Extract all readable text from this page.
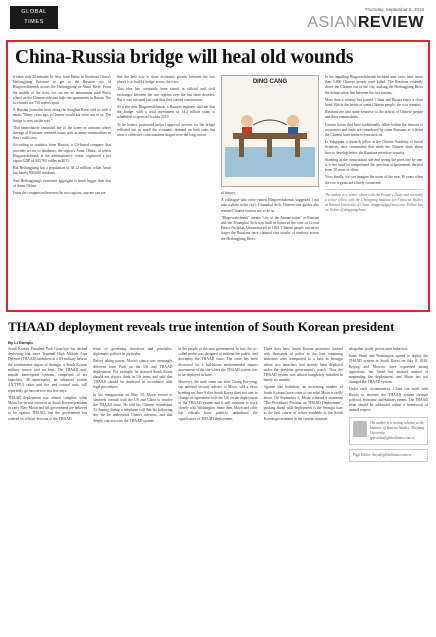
GLOBAL
TIMES
Thursday, September 8, 2016
ASIANREVIEW
China-Russia bridge will heal old wounds

It takes only 20 minutes by ferry from Heihe in Northeast China's Heilongjiang Province to get to the Russian city of Blagoveshchensk across the Heilongjiang or Amur River. From the middle of the river, we can see an amusement park Ferris wheel on the Chinese side and high-rise apartments in Russia. The two banks are 750 meters apart.

A Russian journalist born along the Songhua River told us with a smile, "Many years ago, a Chinese would ask what was in us. The bridge is now on the way."

That immediately reminded me of the scene in cartoons where throngs of Russians ventured home with as many commodities as they could carry.

According to statistics from Rosstat, a US-based company that provides access to databases, the region's Amur Oblast, of which Blagoveshchensk is the administrative center, registered a per capita GDP of 340,765 rubles in 2015.

But Heilongjiang has a population of 38.12 million, while Amur has barely 800,000 residents.

And Heilongjiang's economic aggregate is much bigger than that of Amur Oblast.

From the comparison between the two regions, anyone can see

that the best way to share economic growth between the two places is to build a bridge across the river.

This idea has constantly been raised in official and civil exchanges between the two regions over the last three decades. But it was not until last year that they started construction.

At a site near Blagoveshchensk, a Russian engineer told me that the bridge, with a total investment of 14.2 billion yuan, is scheduled to open in October 2019.

To be honest, protracted project approval process for the bridge reflected not so much the economic demand on both sides but more a collective consciousness shaped over the long course

DING CANG

of history.

A colleague who once visited Blagoveshchensk suggested I not take a photo at the city's Triumphal Arch. Chinese tour guides also remind Chinese tourists not to do so.

"Blagoveshchensk" means "city of the Annunciation" in Russian and the Triumphal Arch was built in honor of the visit of Crown Prince Nicholas Alexandrovich in 1891. Chinese people can never forget the Russians once claimed vast swaths of territory across the Heilongjiang River.

In the appalling Blagoveshchensk incident nine years later, more than 5,000 Chinese people were killed. The Russians violently drove the Chinese out of the city, making the Heilongjiang River the demarcation line between the two nations.

More than a century has passed. China and Russia enjoy a close bond. But in the hearts of some Chinese people, the scar remains.

Russians are also quite sensitive to the arrival of Chinese people and their commodities.

Certain issues that have traditionally fallen within the domain of economics and trade are considered by some Russians as a threat the Chinese have intent to encroach on.

Li Yongquan, a research fellow at the Chinese Academy of Social Sciences, once commented that while the Chinese think about how to develop better, the Russians prioritize security.

Standing at the construction site and seeing the piers one by one, it is not hard to comprehend the precious achievements derived from 30 years of effort.

Now, finally, we can imagine the noise of the next 30 years when the two regions are closely connected.

The author is a senior editor with the People's Daily and currently a senior fellow with the Chongyang Institute for Financial Studies at Renmin University of China. dingganglgt@sina.com. Follow him on Twitter @dinggangchina
THAAD deployment reveals true intention of South Korean president
By Li Dunqiu

South Korean President Park Geun-hye has dashed deploying four more Terminal High Altitude Area Defense (THAAD) launchers at a US military base in the southeastern region of Seongju, a South Korean military source said on Sept. The THAAD anti-missile interception systems, comprised of six launchers, 48 interceptors, an advanced mobile AN/TPY-2 radar and fire and control unit, will reportedly go into service in a few days.

THAAD deployment was almost complete when Moon Jae-in was sworn in as South Korean president in early May. Moon and his government are believed to be against THAAD, but the government has ordered its official decision of the THAAD.

tenor of governing directives and principles, diplomatic policies in particular.

Before taking power, Moon's stance was seemingly different from Park on the US and THAAD deployment. For example, he stressed South Korea should not always think in US terms and said that THAAD should be deployed in accordance with legal procedures.

In his inauguration on May 10, Moon vowed to sincerely consult with the US and China to resolve the THAAD issue. He told his Chinese counterpart Xi Jinping during a telephone call that his following day the he understood China's interests, and that deeply concern over the THAAD system.

to the people or the next government. In fact, the so-called probe was designed to mislead the public, and downplay the THAAD issue. The issue has been discussed for a full-blown environmental impact assessment of the site where the THAAD system was to be deployed in June.

However, the truth came out after Chung Eui-yong, top national security adviser to Moon, told a news briefing on June 9 that South Korea does not aim to change its agreement with the US on the deployment of the THAAD system and it will continue to work closely with Washington. Since then, Moon and other top officials have publicly underlined the significance of THAAD deployment.

Three days later, South Korean protesters clashed with thousands of police as the four remaining launchers were transported to a base in Seongju where two launchers had already been deployed under the previous government's watch. Thus the THAAD system was almost completely installed in barely six months.

Against this backdrop, an increasing number of South Koreans have come to see what Moon is really about. On September 5, Moon released a statement "The President's Position on THAAD Deployment", pushing ahead with deployment is the Seongju base as the best course of action available to the South Korean government in the current situation.

altogether justify provocative behaviors.

Since Seoul and Washington agreed to deploy the THAAD system in South Korea on July 8, 2016, Beijing and Moscow have expressed strong opposition, but Seoul has insisted instead of suspending the deployment, and Moon has not changed the THAAD system.

Under such circumstances, China can work with Russia to increase the THAAD system through political, economic and military means. The THAAD issue should be addressed within a framework of mutual respect.

The author is a visiting scholar at the Institute of Korean Studies, Zhejiang University. ppiconliu@globaltimes.com.cn
Page Editor: liuyu@globaltimes.com.cn
